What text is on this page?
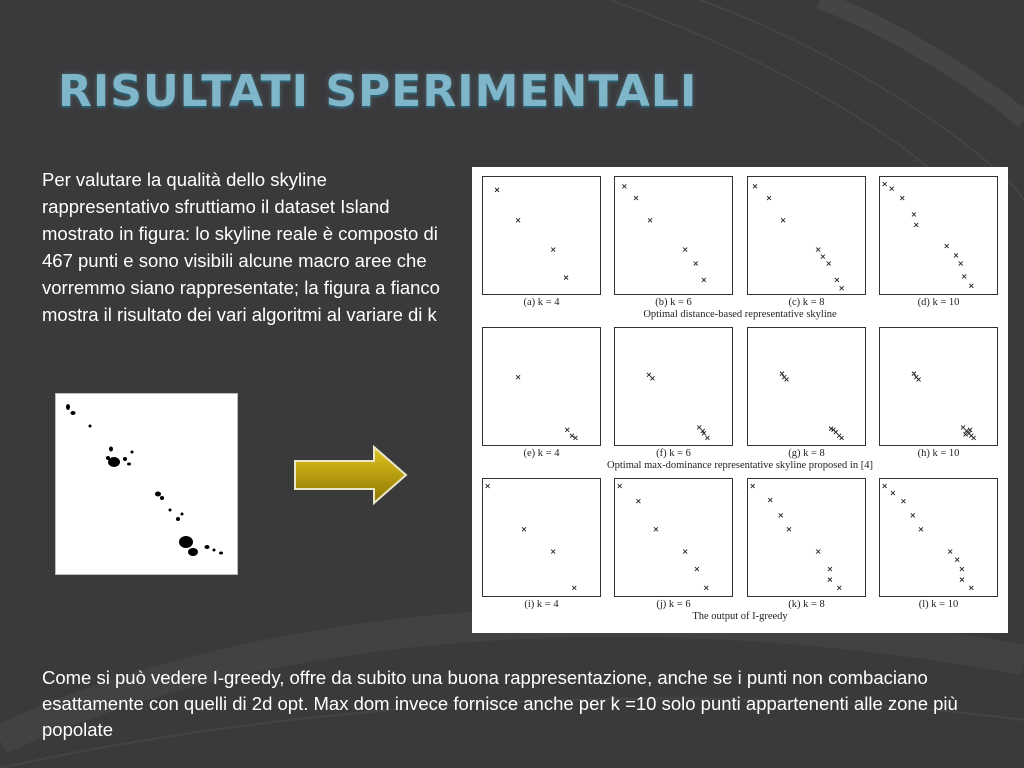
RISULTATI SPERIMENTALI

Per valutare la qualità dello skyline rappresentativo sfruttiamo il dataset Island mostrato in figura: lo skyline reale è composto di 467 punti e sono visibili alcune macro aree che vorremmo siano rappresentate; la figura a fianco mostra il risultato dei vari algoritmi al variare di k

(a) k = 4	(b) k = 6	(c) k = 8	(d) k = 10
Optimal distance-based representative skyline
(e) k = 4	(f) k = 6	(g) k = 8	(h) k = 10
Optimal max-dominance representative skyline proposed in [4]
(i) k = 4	(j) k = 6	(k) k = 8	(l) k = 10
The output of I-greedy

Come si può vedere I-greedy, offre da subito una buona rappresentazione, anche se i punti non combaciano esattamente con quelli di 2d opt. Max dom invece fornisce anche per k =10 solo punti appartenenti alle zone più popolate
